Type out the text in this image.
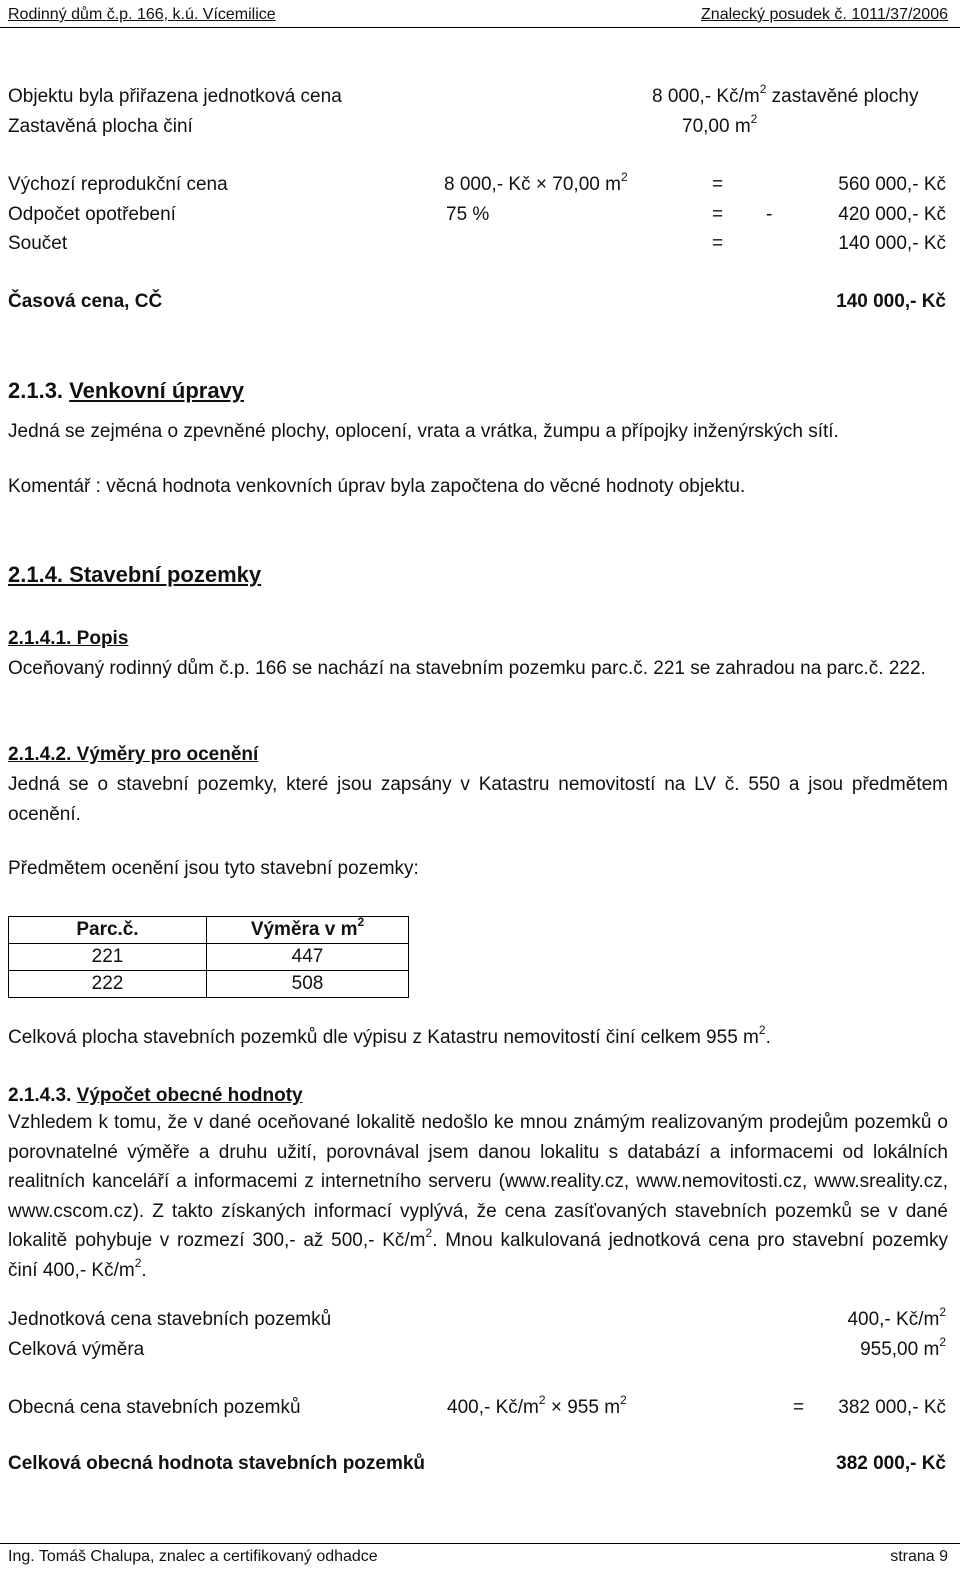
Rodinný dům č.p. 166, k.ú. Vícemilice	Znalecký posudek č. 1011/37/2006
Objektu byla přiřazena jednotková cena	8 000,- $Kč/m^2$ zastavěné plochy
Zastavěná plocha činí	70,00 $m^2$
Výchozí reprodukční cena	8 000,- Kč × 70,00 $m^2$	=	560 000,- Kč
Odpočet opotřebení	75 %	= -	420 000,- Kč
Součet	=	140 000,- Kč
Časová cena, CČ	140 000,- Kč
2.1.3. Venkovní úpravy
Jedná se zejména o zpevněné plochy, oplocení, vrata a vrátka, žumpu a přípojky inženýrských sítí.
Komentář : věcná hodnota venkovních úprav byla započtena do věcné hodnoty objektu.
2.1.4. Stavební pozemky
2.1.4.1. Popis
Oceňovaný rodinný dům č.p. 166 se nachází na stavebním pozemku parc.č. 221 se zahradou na parc.č. 222.
2.1.4.2. Výměry pro ocenění
Jedná se o stavební pozemky, které jsou zapsány v Katastru nemovitostí na LV č. 550 a jsou předmětem ocenění.
Předmětem ocenění jsou tyto stavební pozemky:
Parc.č.	Výměra v $m^2$
221	447
222	508
Celková plocha stavebních pozemků dle výpisu z Katastru nemovitostí činí celkem 955 $m^2$.
2.1.4.3. Výpočet obecné hodnoty
Vzhledem k tomu, že v dané oceňované lokalitě nedošlo ke mnou známým realizovaným prodejům pozemků o porovnatelné výměře a druhu užití, porovnával jsem danou lokalitu s databází a informacemi od lokálních realitních kanceláří a informacemi z internetního serveru (www.reality.cz, www.nemovitosti.cz, www.sreality.cz, www.cscom.cz). Z takto získaných informací vyplývá, že cena zasíťovaných stavebních pozemků se v dané lokalitě pohybuje v rozmezí 300,- až 500,- $Kč/m^2$. Mnou kalkulovaná jednotková cena pro stavební pozemky činí 400,- $Kč/m^2$.
Jednotková cena stavebních pozemků	400,- $Kč/m^2$
Celková výměra	955,00 $m^2$
Obecná cena stavebních pozemků	400,- $Kč/m^2 \times 955$ $m^2$	= 382 000,- Kč
Celková obecná hodnota stavebních pozemků	382 000,- Kč
Ing. Tomáš Chalupa, znalec a certifikovaný odhadce	strana 9
